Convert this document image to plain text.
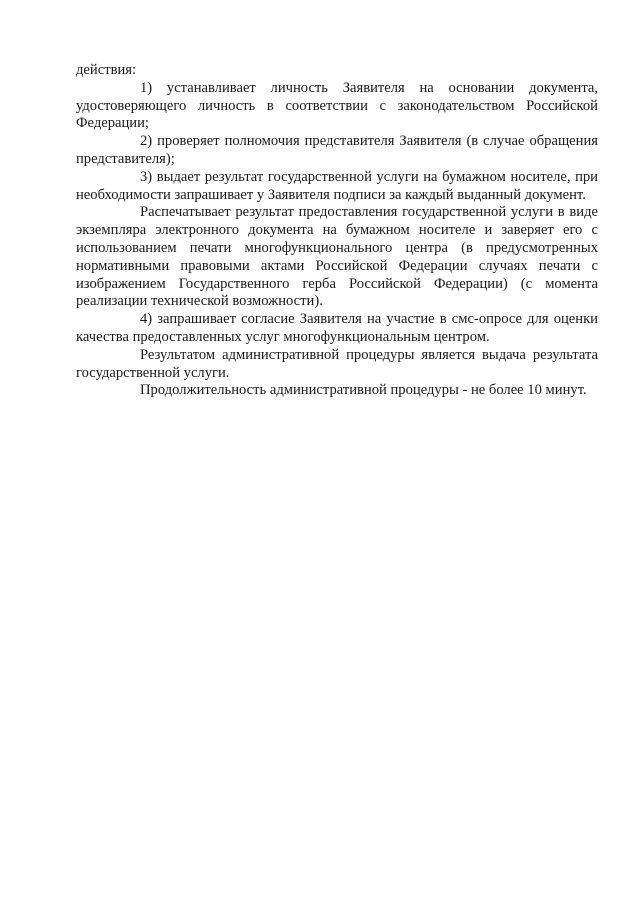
действия:

1) устанавливает личность Заявителя на основании документа, удостоверяющего личность в соответствии с законодательством Российской Федерации;

2) проверяет полномочия представителя Заявителя (в случае обращения представителя);

3) выдает результат государственной услуги на бумажном носителе, при необходимости запрашивает у Заявителя подписи за каждый выданный документ.

Распечатывает результат предоставления государственной услуги в виде экземпляра электронного документа на бумажном носителе и заверяет его с использованием печати многофункционального центра (в предусмотренных нормативными правовыми актами Российской Федерации случаях печати с изображением Государственного герба Российской Федерации) (с момента реализации технической возможности).

4) запрашивает согласие Заявителя на участие в смс-опросе для оценки качества предоставленных услуг многофункциональным центром.

Результатом административной процедуры является выдача результата государственной услуги.

Продолжительность административной процедуры - не более 10 минут.
